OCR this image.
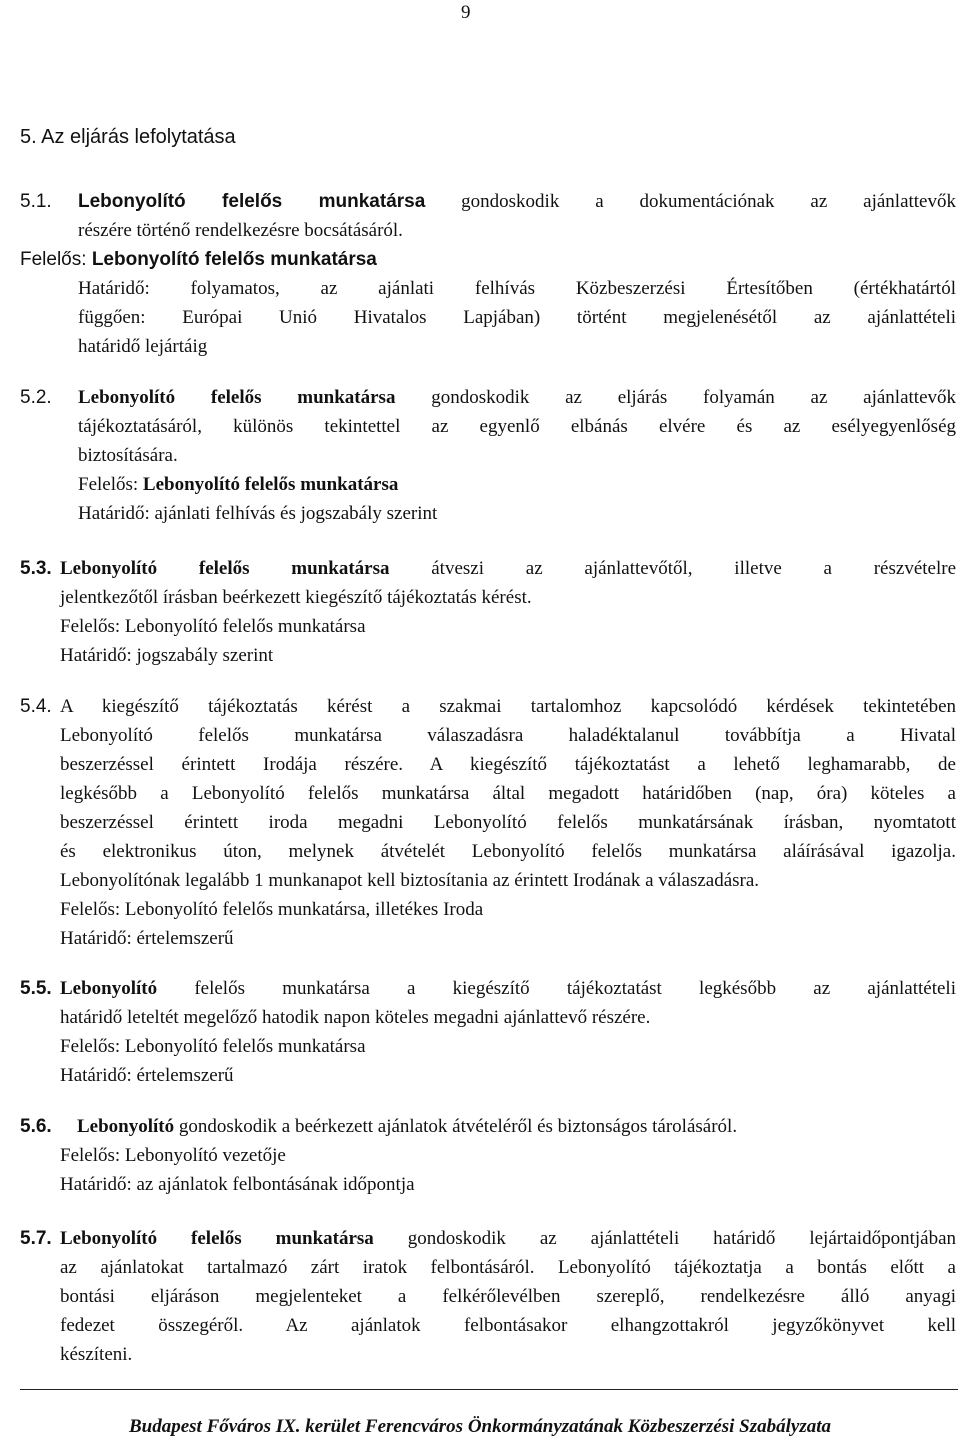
9
5. Az eljárás lefolytatása
5.1. Lebonyolító felelős munkatársa gondoskodik a dokumentációnak az ajánlattevők
részére történő rendelkezésre bocsátásáról.
Felelős: Lebonyolító felelős munkatársa
Határidő: folyamatos, az ajánlati felhívás Közbeszerzési Értesítőben (értékhatártól
függően: Európai Unió Hivatalos Lapjában) történt megjelenésétől az ajánlattételi
határidő lejártáig
5.2. Lebonyolító felelős munkatársa gondoskodik az eljárás folyamán az ajánlattevők
tájékoztatásáról, különös tekintettel az egyenlő elbánás elvére és az esélyegyenlőség
biztosítására.
Felelős: Lebonyolító felelős munkatársa
Határidő: ajánlati felhívás és jogszabály szerint
5.3. Lebonyolító felelős munkatársa átveszi az ajánlattevőtől, illetve a részvételre
jelentkezőtől írásban beérkezett kiegészítő tájékoztatás kérést.
Felelős: Lebonyolító felelős munkatársa
Határidő: jogszabály szerint
5.4. A kiegészítő tájékoztatás kérést a szakmai tartalomhoz kapcsolódó kérdések tekintetében
Lebonyolító felelős munkatársa válaszadásra haladéktalanul továbbítja a Hivatal
beszerzéssel érintett Irodája részére. A kiegészítő tájékoztatást a lehető leghamarabb, de
legkésőbb a Lebonyolító felelős munkatársa által megadott határidőben (nap, óra) köteles a
beszerzéssel érintett iroda megadni Lebonyolító felelős munkatársának írásban, nyomtatott
és elektronikus úton, melynek átvételét Lebonyolító felelős munkatársa aláírásával igazolja.
Lebonyolítónak legalább 1 munkanapot kell biztosítania az érintett Irodának a válaszadásra.
Felelős: Lebonyolító felelős munkatársa, illetékes Iroda
Határidő: értelemszerű
5.5. Lebonyolító felelős munkatársa a kiegészítő tájékoztatást legkésőbb az ajánlattételi
határidő leteltét megelőző hatodik napon köteles megadni ajánlattevő részére.
Felelős: Lebonyolító felelős munkatársa
Határidő: értelemszerű
5.6. Lebonyolító gondoskodik a beérkezett ajánlatok átvételéről és biztonságos tárolásáról.
Felelős: Lebonyolító vezetője
Határidő: az ajánlatok felbontásának időpontja
5.7. Lebonyolító felelős munkatársa gondoskodik az ajánlattételi határidő lejártaidőpontjában
az ajánlatokat tartalmazó zárt iratok felbontásáról. Lebonyolító tájékoztatja a bontás előtt a
bontási eljáráson megjelenteket a felkérőlevélben szereplő, rendelkezésre álló anyagi
fedezet összegéről. Az ajánlatok felbontásakor elhangzottakról jegyzőkönyvet kell
készíteni.
Budapest Főváros IX. kerület Ferencváros Önkormányzatának Közbeszerzési Szabályzata
